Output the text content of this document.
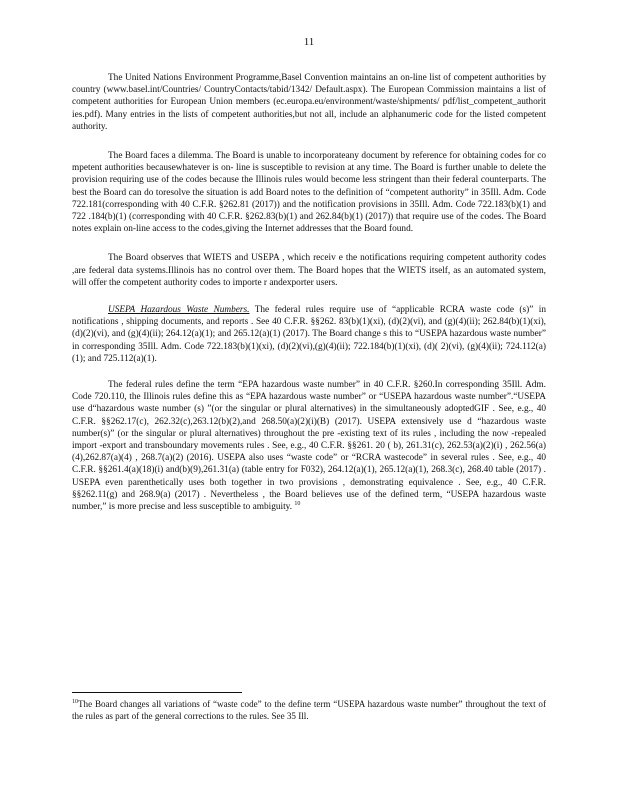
11

The United Nations Environment Programme,Basel Convention maintains an on-line list of competent authorities by country (www.basel.int/Countries/ CountryContacts/tabid/1342/ Default.aspx). The European Commission maintains a list of competent authorities for European Union members (ec.europa.eu/environment/waste/shipments/ pdf/list_competent_authorit ies.pdf). Many entries in the lists of competent authorities,but not all, include an alphanumeric code for the listed competent authority.

The Board faces a dilemma. The Board is unable to incorporateany document by reference for obtaining codes for co mpetent authorities becausewhatever is on- line is susceptible to revision at any time. The Board is further unable to delete the provision requiring use of the codes because the Illinois rules would become less stringent than their federal counterparts. The best the Board can do toresolve the situation is add Board notes to the definition of “competent authority” in 35Ill. Adm. Code 722.181(corresponding with 40 C.F.R. §262.81 (2017)) and the notification provisions in 35Ill. Adm. Code 722.183(b)(1) and 722 .184(b)(1) (corresponding with 40 C.F.R. §262.83(b)(1) and 262.84(b)(1) (2017)) that require use of the codes. The Board notes explain on-line access to the codes,giving the Internet addresses that the Board found.

The Board observes that WIETS and USEPA , which receiv e the notifications requiring competent authority codes ,are federal data systems.Illinois has no control over them. The Board hopes that the WIETS itself, as an automated system, will offer the competent authority codes to importe r andexporter users.

USEPA Hazardous Waste Numbers. The federal rules require use of “applicable RCRA waste code (s)” in notifications , shipping documents, and reports . See 40 C.F.R. §§262. 83(b)(1)(xi), (d)(2)(vi), and (g)(4)(ii); 262.84(b)(1)(xi), (d)(2)(vi), and (g)(4)(ii); 264.12(a)(1); and 265.12(a)(1) (2017). The Board change s this to “USEPA hazardous waste number” in corresponding 35Ill. Adm. Code 722.183(b)(1)(xi), (d)(2)(vi),(g)(4)(ii); 722.184(b)(1)(xi), (d)( 2)(vi), (g)(4)(ii); 724.112(a)(1); and 725.112(a)(1).

The federal rules define the term “EPA hazardous waste number” in 40 C.F.R. §260.In corresponding 35Ill. Adm. Code 720.110, the Illinois rules define this as “EPA hazardous waste number” or “USEPA hazardous waste number”.“USEPA use d“hazardous waste number (s) ”(or the singular or plural alternatives) in the simultaneously adoptedGIF . See, e.g., 40 C.F.R. §§262.17(c), 262.32(c),263.12(b)(2),and 268.50(a)(2)(i)(B) (2017). USEPA extensively use d “hazardous waste number(s)” (or the singular or plural alternatives) throughout the pre -existing text of its rules , including the now -repealed import -export and transboundary movements rules . See, e.g., 40 C.F.R. §§261. 20 ( b), 261.31(c), 262.53(a)(2)(i) , 262.56(a)(4),262.87(a)(4) , 268.7(a)(2) (2016). USEPA also uses “waste code” or “RCRA wastecode” in several rules . See, e.g., 40 C.F.R. §§261.4(a)(18)(i) and(b)(9),261.31(a) (table entry for F032), 264.12(a)(1), 265.12(a)(1), 268.3(c), 268.40 table (2017) . USEPA even parenthetically uses both together in two provisions , demonstrating equivalence . See, e.g., 40 C.F.R. §§262.11(g) and 268.9(a) (2017) . Nevertheless , the Board believes use of the defined term, “USEPA hazardous waste number,” is more precise and less susceptible to ambiguity. $^{10}$

$^{10}$The Board changes all variations of “waste code” to the define term “USEPA hazardous waste number” throughout the text of the rules as part of the general corrections to the rules. See 35 Ill.
